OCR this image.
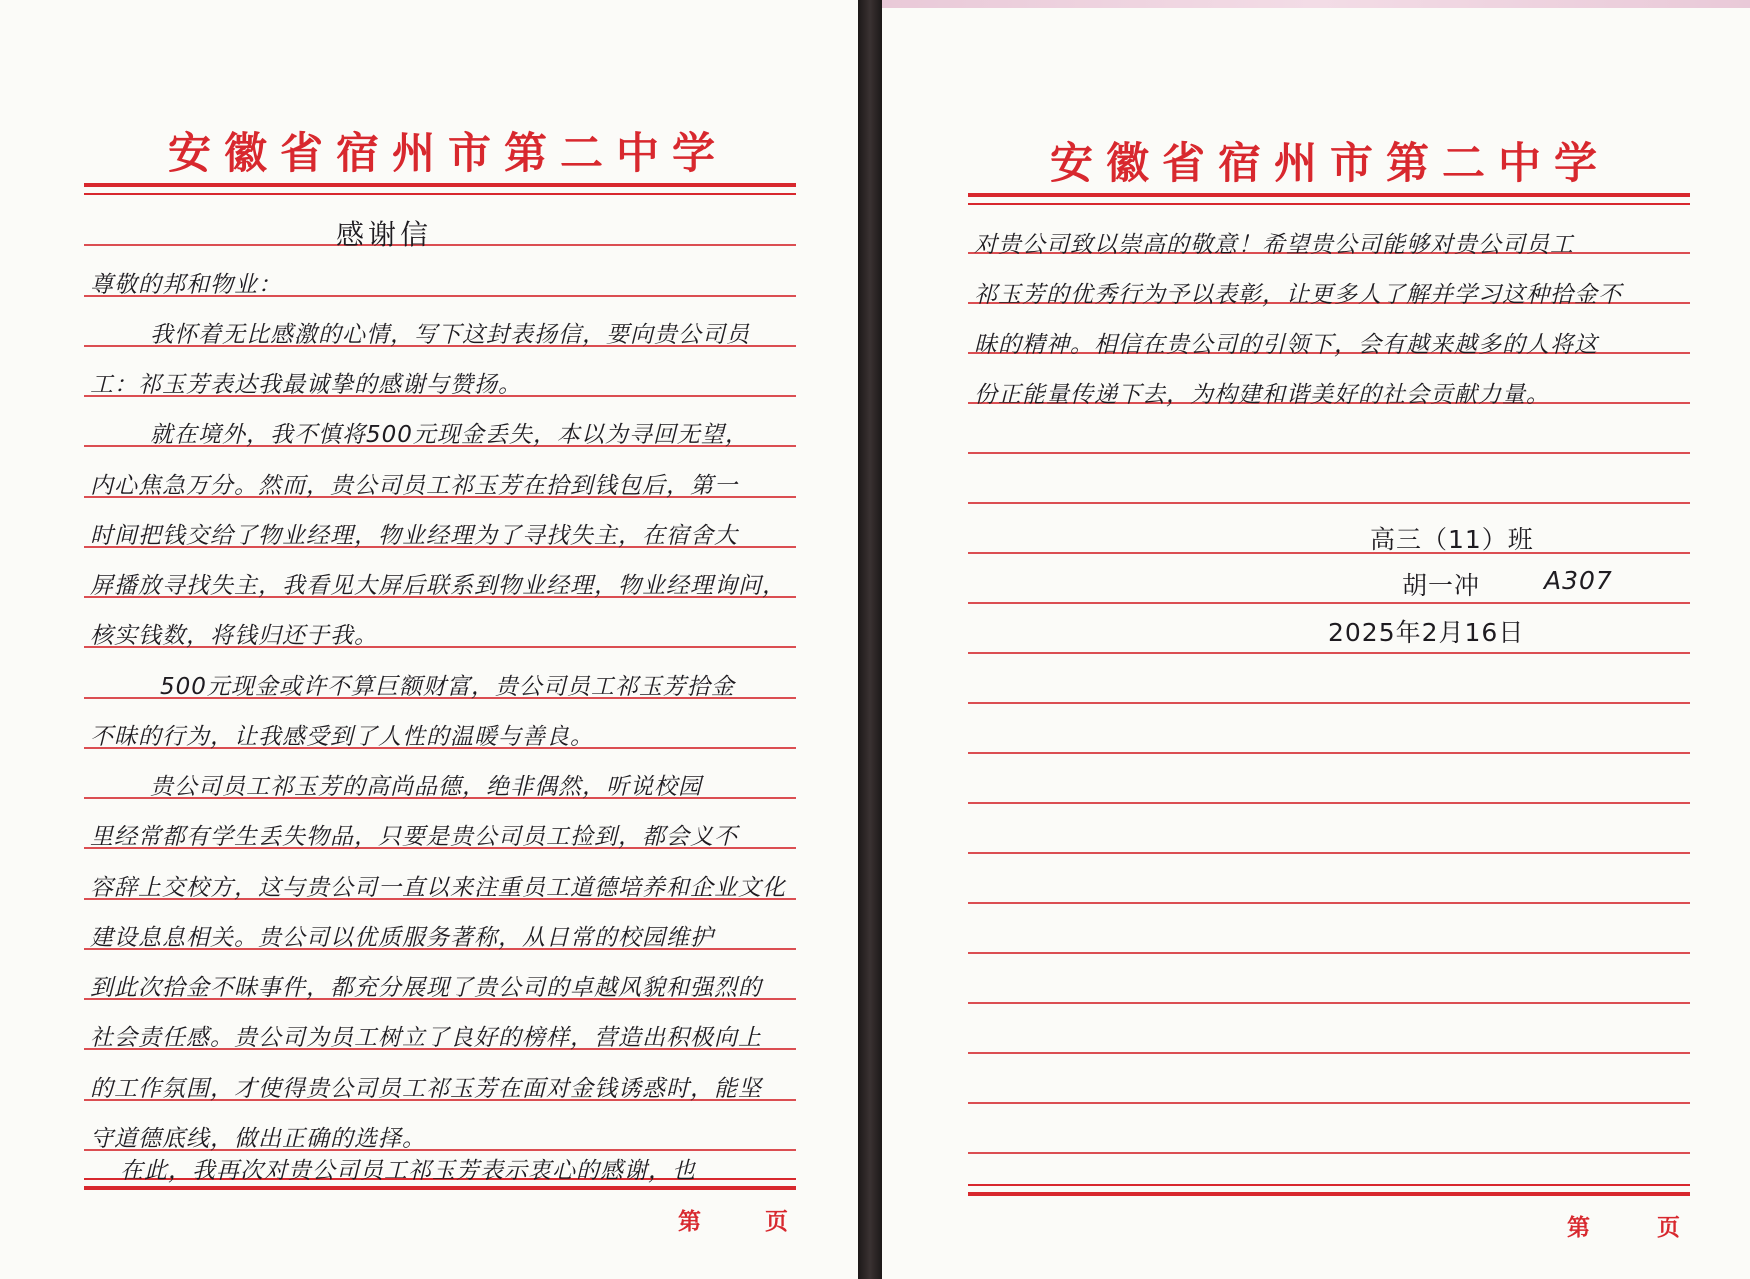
安徽省宿州市第二中学

感谢信

尊敬的邦和物业：

我怀着无比感激的心情，写下这封表扬信，要向贵公司员

工：祁玉芳表达我最诚挚的感谢与赞扬。

就在境外，我不慎将500元现金丢失，本以为寻回无望，

内心焦急万分。然而，贵公司员工祁玉芳在拾到钱包后，第一

时间把钱交给了物业经理，物业经理为了寻找失主，在宿舍大

屏播放寻找失主，我看见大屏后联系到物业经理，物业经理询问，

核实钱数，将钱归还于我。

500元现金或许不算巨额财富，贵公司员工祁玉芳拾金

不昧的行为，让我感受到了人性的温暖与善良。

贵公司员工祁玉芳的高尚品德，绝非偶然，听说校园

里经常都有学生丢失物品，只要是贵公司员工捡到，都会义不

容辞上交校方，这与贵公司一直以来注重员工道德培养和企业文化

建设息息相关。贵公司以优质服务著称，从日常的校园维护

到此次拾金不昧事件，都充分展现了贵公司的卓越风貌和强烈的

社会责任感。贵公司为员工树立了良好的榜样，营造出积极向上

的工作氛围，才使得贵公司员工祁玉芳在面对金钱诱惑时，能坚

守道德底线，做出正确的选择。

在此，我再次对贵公司员工祁玉芳表示衷心的感谢，也

第	页

安徽省宿州市第二中学

对贵公司致以崇高的敬意！希望贵公司能够对贵公司员工

祁玉芳的优秀行为予以表彰，让更多人了解并学习这种拾金不

昧的精神。相信在贵公司的引领下，会有越来越多的人将这

份正能量传递下去，为构建和谐美好的社会贡献力量。

高三（11）班

胡一冲	A307

2025年2月16日

第	页
